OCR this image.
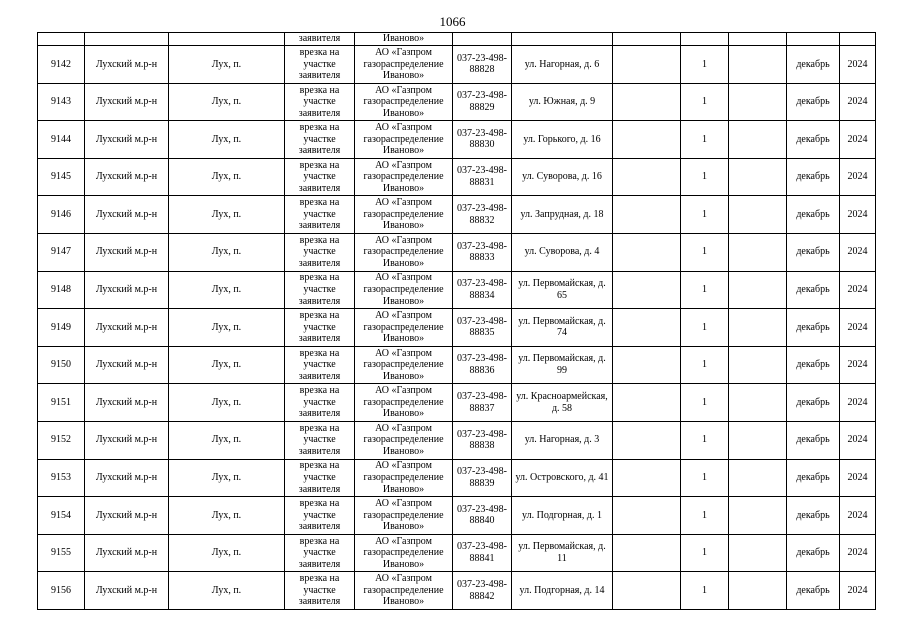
1066
			заявителя	Иваново»							
9142	Лухский м.р-н	Лух, п.	врезка на участке заявителя	АО «Газпром газораспределение Иваново»	037-23-498-88828	ул. Нагорная, д. 6		1		декабрь	2024
9143	Лухский м.р-н	Лух, п.	врезка на участке заявителя	АО «Газпром газораспределение Иваново»	037-23-498-88829	ул. Южная, д. 9		1		декабрь	2024
9144	Лухский м.р-н	Лух, п.	врезка на участке заявителя	АО «Газпром газораспределение Иваново»	037-23-498-88830	ул. Горького, д. 16		1		декабрь	2024
9145	Лухский м.р-н	Лух, п.	врезка на участке заявителя	АО «Газпром газораспределение Иваново»	037-23-498-88831	ул. Суворова, д. 16		1		декабрь	2024
9146	Лухский м.р-н	Лух, п.	врезка на участке заявителя	АО «Газпром газораспределение Иваново»	037-23-498-88832	ул. Запрудная, д. 18		1		декабрь	2024
9147	Лухский м.р-н	Лух, п.	врезка на участке заявителя	АО «Газпром газораспределение Иваново»	037-23-498-88833	ул. Суворова, д. 4		1		декабрь	2024
9148	Лухский м.р-н	Лух, п.	врезка на участке заявителя	АО «Газпром газораспределение Иваново»	037-23-498-88834	ул. Первомайская, д. 65		1		декабрь	2024
9149	Лухский м.р-н	Лух, п.	врезка на участке заявителя	АО «Газпром газораспределение Иваново»	037-23-498-88835	ул. Первомайская, д. 74		1		декабрь	2024
9150	Лухский м.р-н	Лух, п.	врезка на участке заявителя	АО «Газпром газораспределение Иваново»	037-23-498-88836	ул. Первомайская, д. 99		1		декабрь	2024
9151	Лухский м.р-н	Лух, п.	врезка на участке заявителя	АО «Газпром газораспределение Иваново»	037-23-498-88837	ул. Красноармейская, д. 58		1		декабрь	2024
9152	Лухский м.р-н	Лух, п.	врезка на участке заявителя	АО «Газпром газораспределение Иваново»	037-23-498-88838	ул. Нагорная, д. 3		1		декабрь	2024
9153	Лухский м.р-н	Лух, п.	врезка на участке заявителя	АО «Газпром газораспределение Иваново»	037-23-498-88839	ул. Островского, д. 41		1		декабрь	2024
9154	Лухский м.р-н	Лух, п.	врезка на участке заявителя	АО «Газпром газораспределение Иваново»	037-23-498-88840	ул. Подгорная, д. 1		1		декабрь	2024
9155	Лухский м.р-н	Лух, п.	врезка на участке заявителя	АО «Газпром газораспределение Иваново»	037-23-498-88841	ул. Первомайская, д. 11		1		декабрь	2024
9156	Лухский м.р-н	Лух, п.	врезка на участке заявителя	АО «Газпром газораспределение Иваново»	037-23-498-88842	ул. Подгорная, д. 14		1		декабрь	2024
